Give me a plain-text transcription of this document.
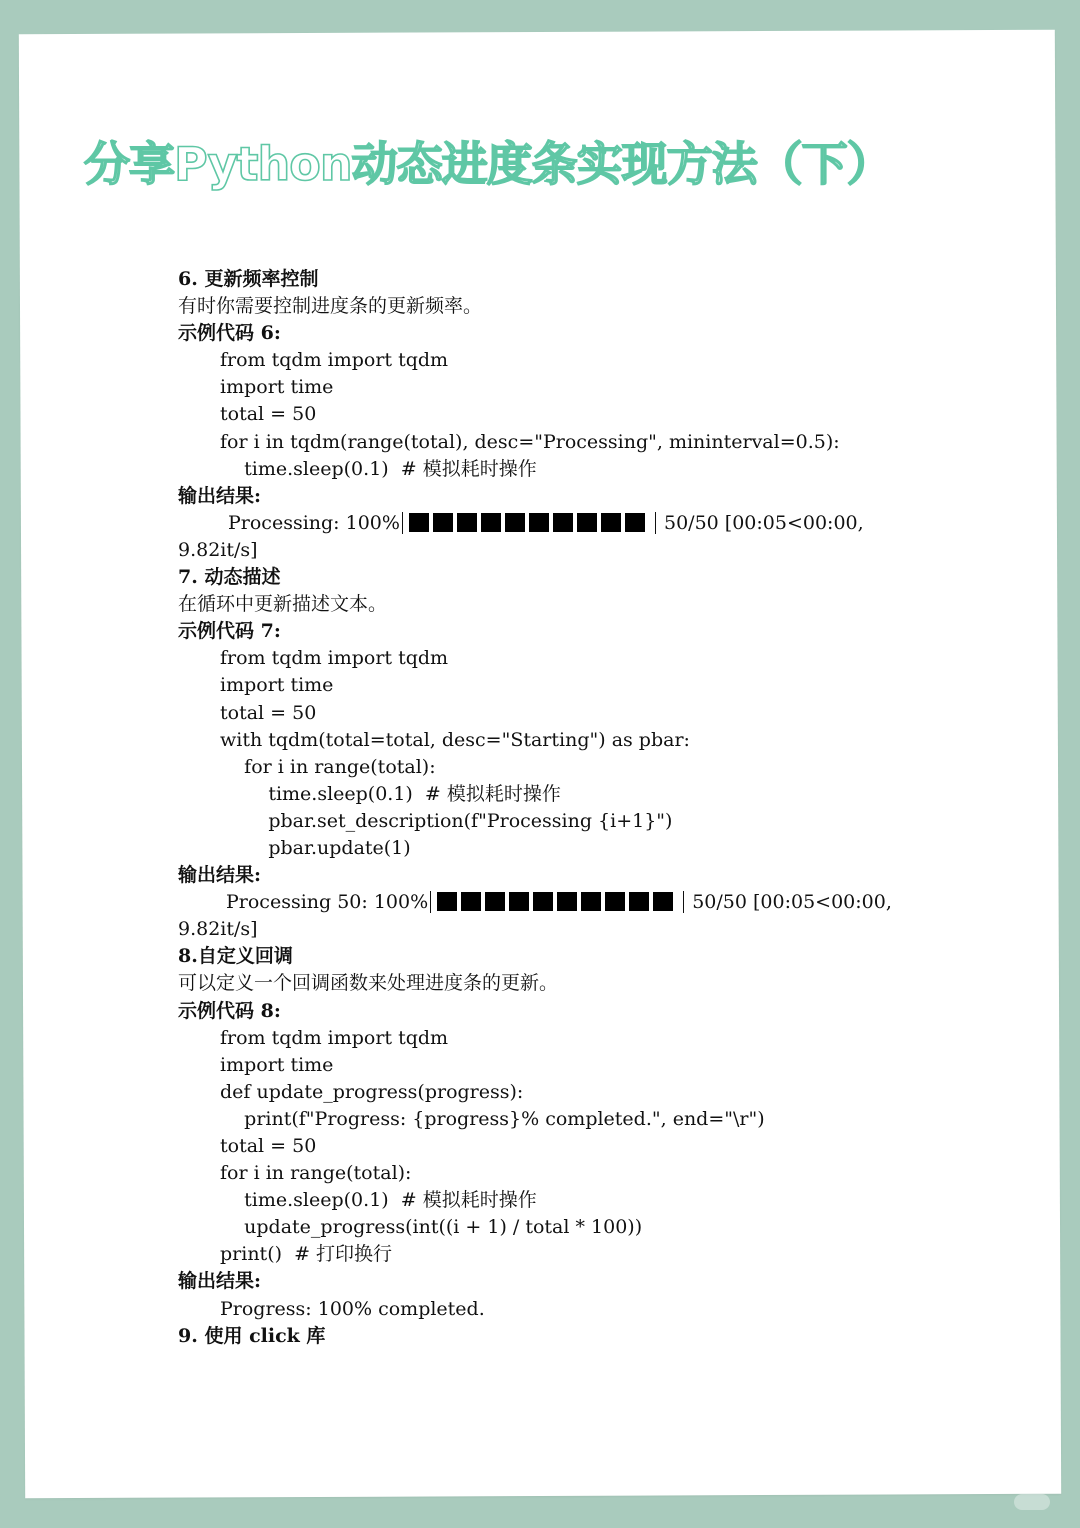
分享Python动态进度条实现方法（下）
6. 更新频率控制
有时你需要控制进度条的更新频率。
示例代码 6:
from tqdm import tqdm
import time
total = 50
for i in tqdm(range(total), desc="Processing", mininterval=0.5):
time.sleep(0.1)  # 模拟耗时操作
输出结果:
Processing: 100%	50/50 [00:05<00:00,
9.82it/s]
7. 动态描述
在循环中更新描述文本。
示例代码 7:
from tqdm import tqdm
import time
total = 50
with tqdm(total=total, desc="Starting") as pbar:
for i in range(total):
time.sleep(0.1)  # 模拟耗时操作
pbar.set_description(f"Processing {i+1}")
pbar.update(1)
输出结果:
Processing 50: 100%	50/50 [00:05<00:00,
9.82it/s]
8.自定义回调
可以定义一个回调函数来处理进度条的更新。
示例代码 8:
from tqdm import tqdm
import time
def update_progress(progress):
print(f"Progress: {progress}% completed.", end="\r")
total = 50
for i in range(total):
time.sleep(0.1)  # 模拟耗时操作
update_progress(int((i + 1) / total * 100))
print()  # 打印换行
输出结果:
Progress: 100% completed.
9. 使用 click 库
